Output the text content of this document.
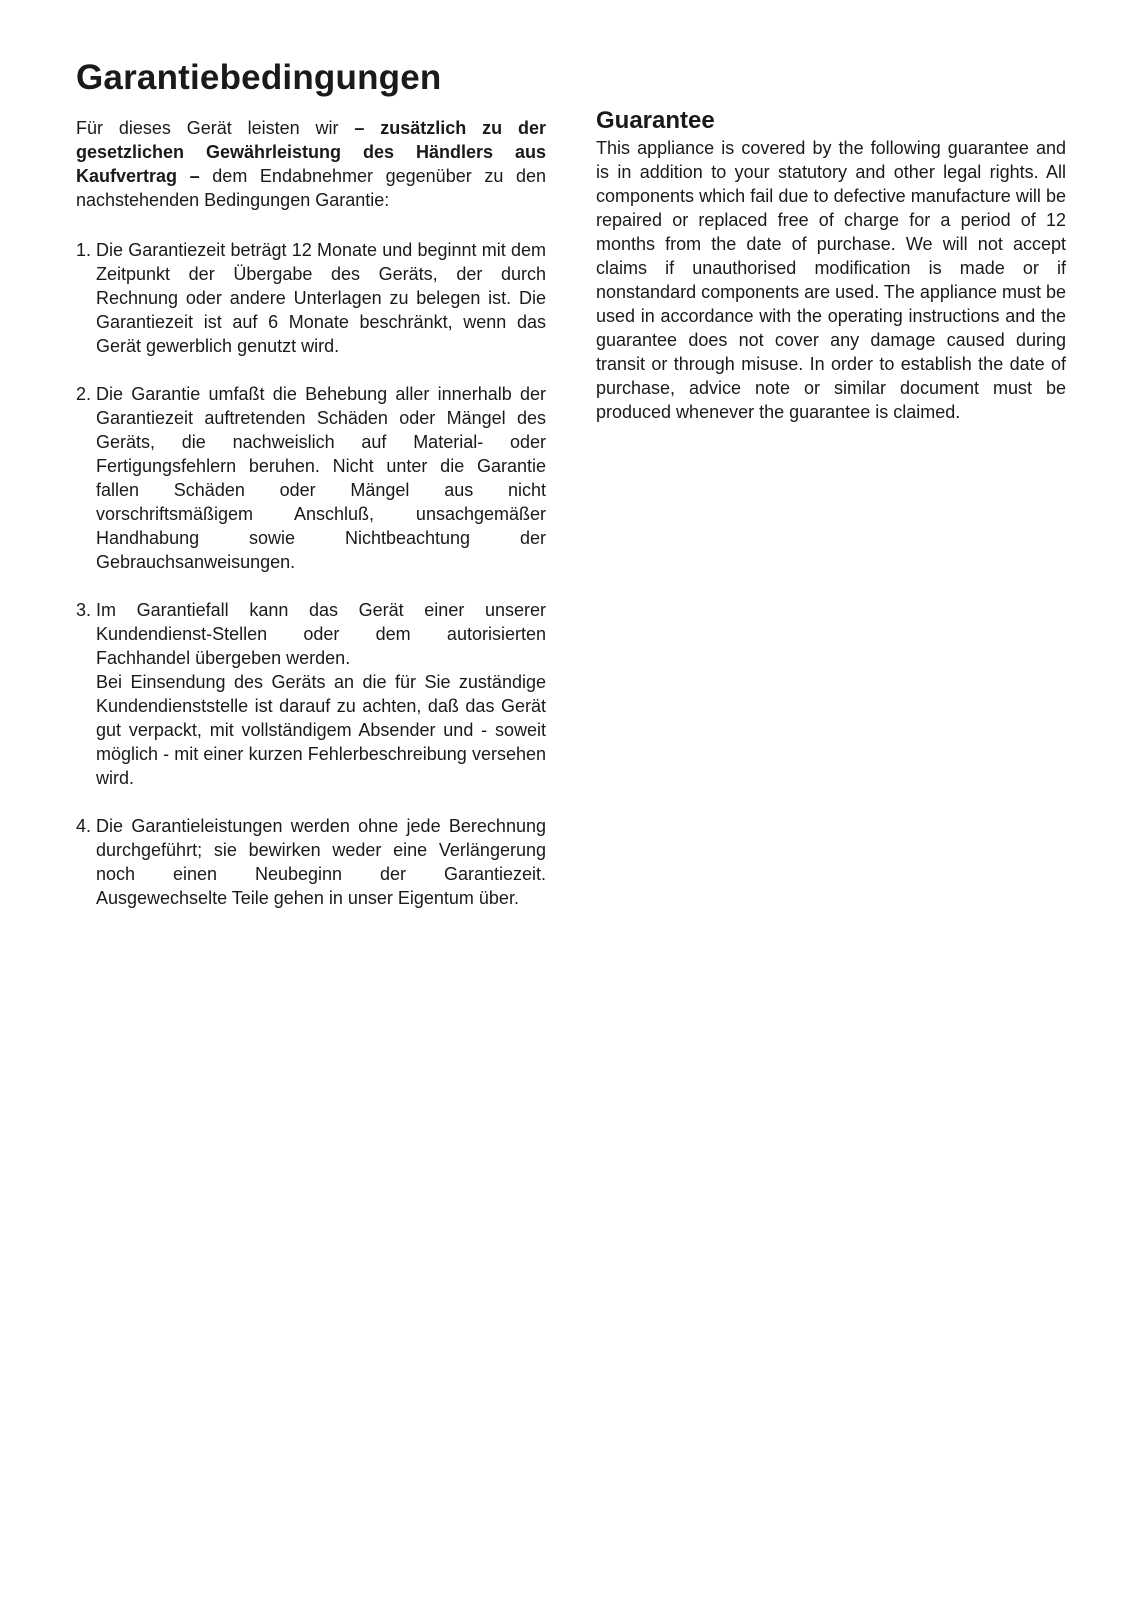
Garantiebedingungen

Für dieses Gerät leisten wir – zusätzlich zu der gesetzlichen Gewährleistung des Händlers aus Kaufvertrag – dem Endabnehmer gegenüber zu den nachstehenden Bedingungen Garantie:

1. Die Garantiezeit beträgt 12 Monate und beginnt mit dem Zeitpunkt der Übergabe des Geräts, der durch Rechnung oder andere Unterlagen zu belegen ist. Die Garantiezeit ist auf 6 Monate beschränkt, wenn das Gerät gewerblich genutzt wird.

2. Die Garantie umfaßt die Behebung aller innerhalb der Garantiezeit auftretenden Schäden oder Mängel des Geräts, die nachweislich auf Material- oder Fertigungsfehlern beruhen. Nicht unter die Garantie fallen Schäden oder Mängel aus nicht vorschriftsmäßigem Anschluß, unsachgemäßer Handhabung sowie Nichtbeachtung der Gebrauchsanweisungen.

3. Im Garantiefall kann das Gerät einer unserer Kundendienst-Stellen oder dem autorisierten Fachhandel übergeben werden.

Bei Einsendung des Geräts an die für Sie zuständige Kundendienststelle ist darauf zu achten, daß das Gerät gut verpackt, mit vollständigem Absender und - soweit möglich - mit einer kurzen Fehlerbeschreibung versehen wird.

4. Die Garantieleistungen werden ohne jede Berechnung durchgeführt; sie bewirken weder eine Verlängerung noch einen Neubeginn der Garantiezeit. Ausgewechselte Teile gehen in unser Eigentum über.

Guarantee

This appliance is covered by the following guarantee and is in addition to your statutory and other legal rights. All components which fail due to defective manufacture will be repaired or replaced free of charge for a period of 12 months from the date of purchase. We will not accept claims if unauthorised modification is made or if nonstandard components are used. The appliance must be used in accordance with the operating instructions and the guarantee does not cover any damage caused during transit or through misuse. In order to establish the date of purchase, advice note or similar document must be produced whenever the guarantee is claimed.
